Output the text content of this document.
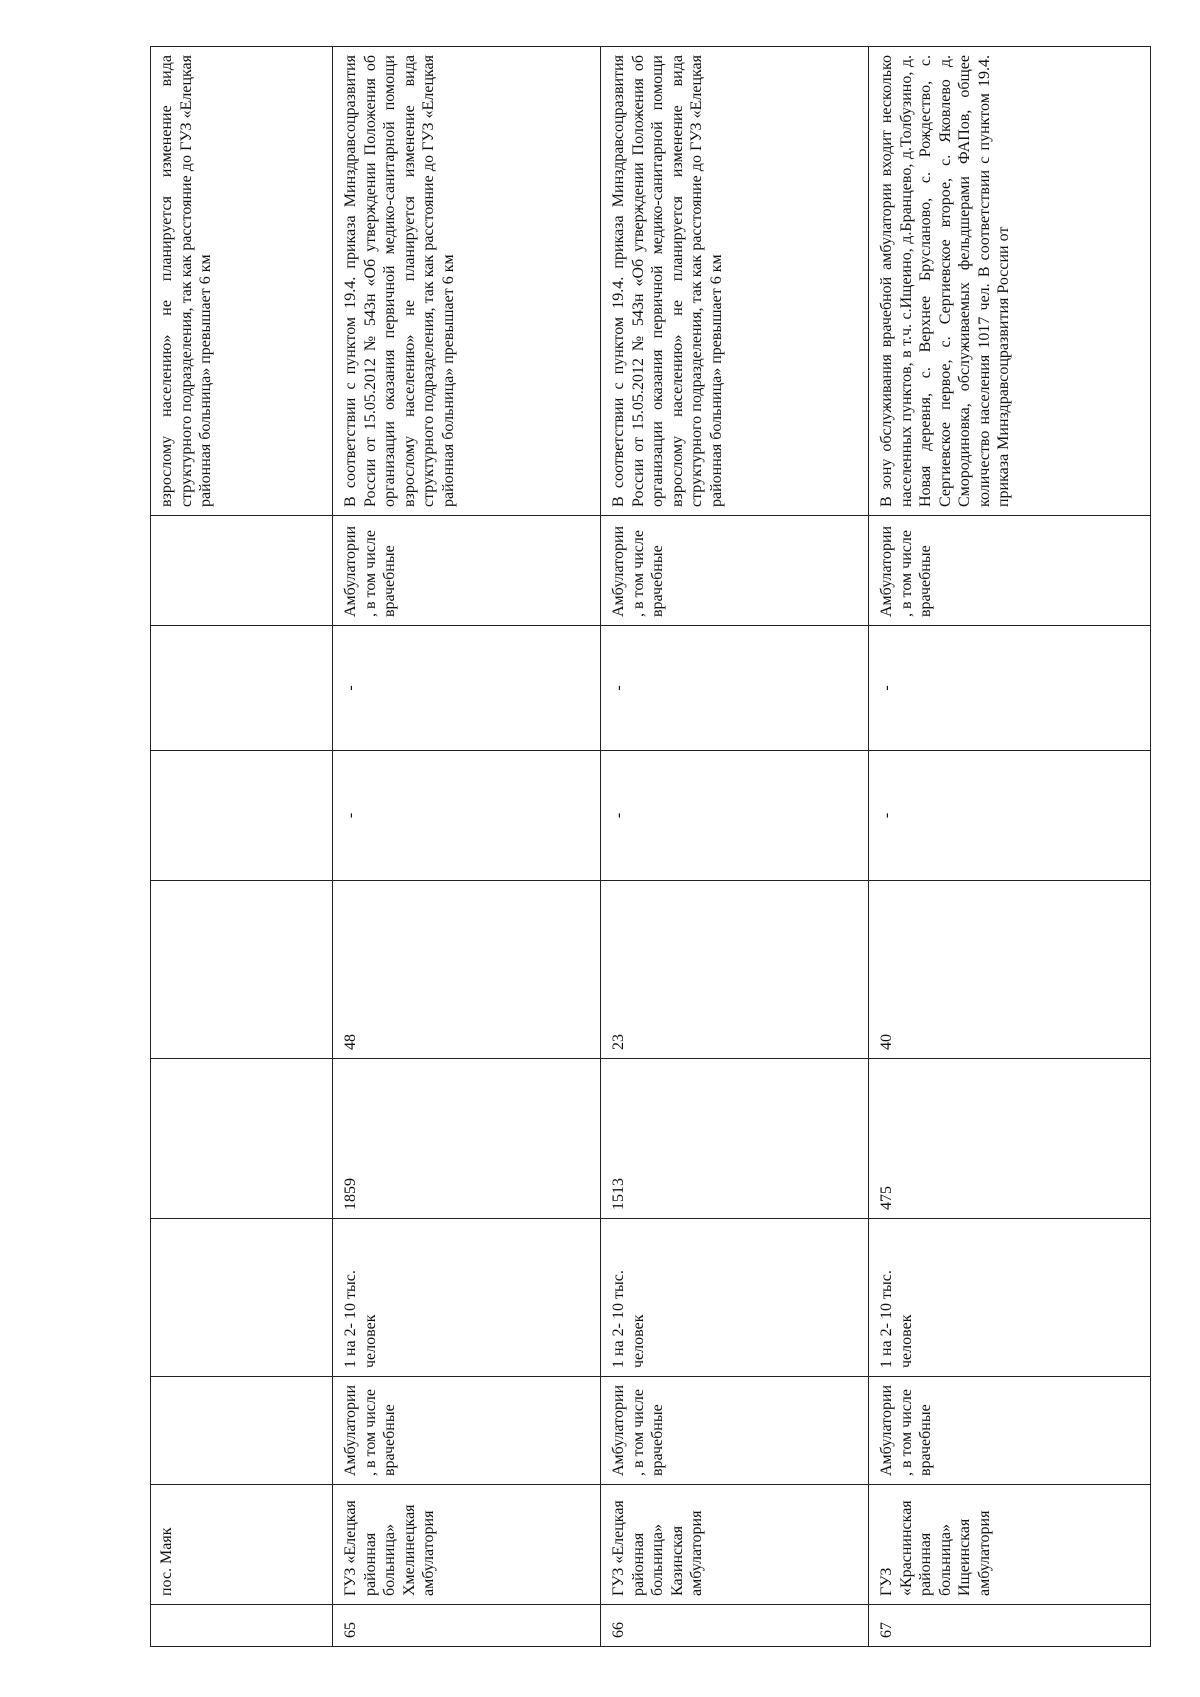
	пос. Маяк								взрослому населению» не планируется изменение вида структурного подразделения, так как расстояние до ГУЗ «Елецкая районная больница» превышает 6 км
65	ГУЗ «Елецкая районная больница» Хмелинецкая амбулатория	Амбулатории , в том числе врачебные	1 на 2- 10 тыс. человек	1859	48	-	-	Амбулатории , в том числе врачебные	В соответствии с пунктом 19.4. приказа Минздравсоцразвития России от 15.05.2012 № 543н «Об утверждении Положения об организации оказания первичной медико-санитарной помощи взрослому населению» не планируется изменение вида структурного подразделения, так как расстояние до ГУЗ «Елецкая районная больница» превышает 6 км
66	ГУЗ «Елецкая районная больница» Казинская амбулатория	Амбулатории , в том числе врачебные	1 на 2- 10 тыс. человек	1513	23	-	-	Амбулатории , в том числе врачебные	В соответствии с пунктом 19.4. приказа Минздравсоцразвития России от 15.05.2012 № 543н «Об утверждении Положения об организации оказания первичной медико-санитарной помощи взрослому населению» не планируется изменение вида структурного подразделения, так как расстояние до ГУЗ «Елецкая районная больница» превышает 6 км
67	ГУЗ «Краснинская районная больница» Ищеинская амбулатория	Амбулатории , в том числе врачебные	1 на 2- 10 тыс. человек	475	40	-	-	Амбулатории , в том числе врачебные	В зону обслуживания врачебной амбулатории входит несколько населенных пунктов, в т.ч. с.Ищеино, д.Бранцево, д.Толбузино, д. Новая деревня, с. Верхнее Брусланово, с. Рождество, с. Сергиевское первое, с. Сергиевское второе, с. Яковлево д. Смородиновка, обслуживаемых фельдшерами ФАПов, общее количество населения 1017 чел. В соответствии с пунктом 19.4. приказа Минздравсоцразвития России от
